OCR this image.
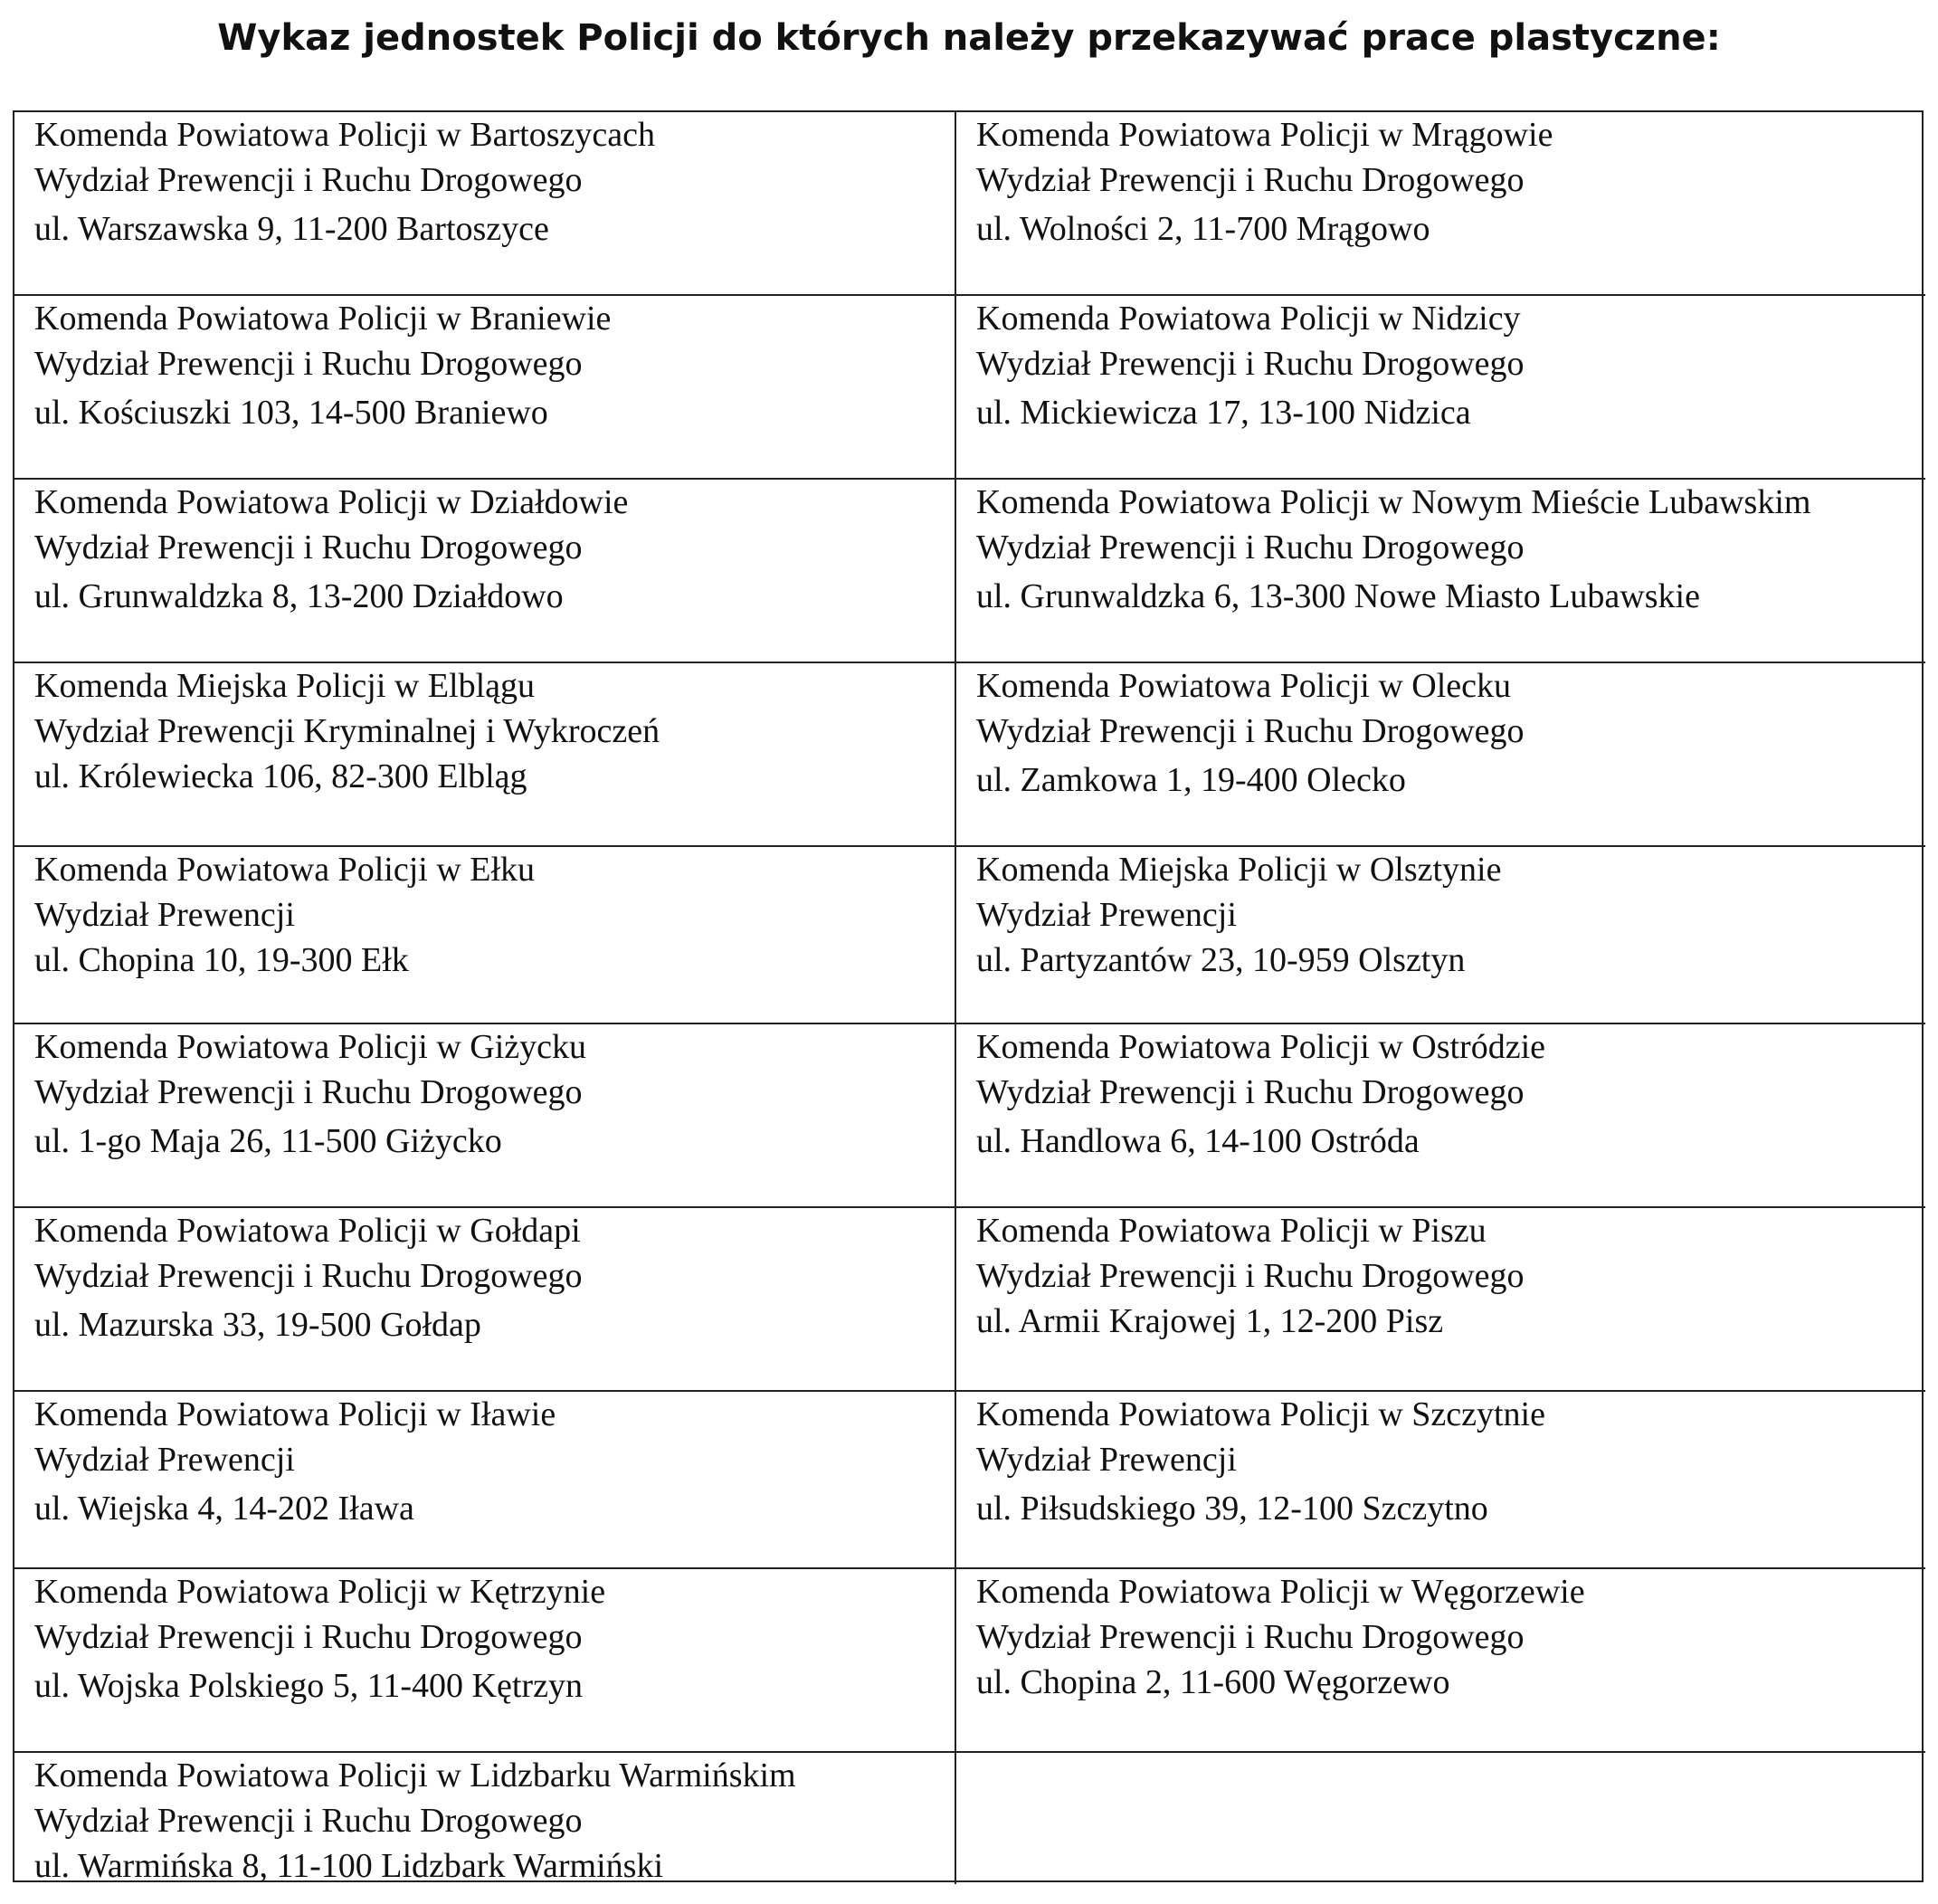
Wykaz jednostek Policji do których należy przekazywać prace plastyczne:
Komenda Powiatowa Policji w Bartoszycach
Wydział Prewencji i Ruchu Drogowego
ul. Warszawska 9, 11-200 Bartoszyce
Komenda Powiatowa Policji w Mrągowie
Wydział Prewencji i Ruchu Drogowego
ul. Wolności 2, 11-700 Mrągowo
Komenda Powiatowa Policji w Braniewie
Wydział Prewencji i Ruchu Drogowego
ul. Kościuszki 103, 14-500 Braniewo
Komenda Powiatowa Policji w Nidzicy
Wydział Prewencji i Ruchu Drogowego
ul. Mickiewicza 17, 13-100 Nidzica
Komenda Powiatowa Policji w Działdowie
Wydział Prewencji i Ruchu Drogowego
ul. Grunwaldzka 8, 13-200 Działdowo
Komenda Powiatowa Policji w Nowym Mieście Lubawskim
Wydział Prewencji i Ruchu Drogowego
ul. Grunwaldzka 6, 13-300 Nowe Miasto Lubawskie
Komenda Miejska Policji w Elblągu
Wydział Prewencji Kryminalnej i Wykroczeń
ul. Królewiecka 106, 82-300 Elbląg
Komenda Powiatowa Policji w Olecku
Wydział Prewencji i Ruchu Drogowego
ul. Zamkowa 1, 19-400 Olecko
Komenda Powiatowa Policji w Ełku
Wydział Prewencji
ul. Chopina 10, 19-300 Ełk
Komenda Miejska Policji w Olsztynie
Wydział Prewencji
ul. Partyzantów 23, 10-959 Olsztyn
Komenda Powiatowa Policji w Giżycku
Wydział Prewencji i Ruchu Drogowego
ul. 1-go Maja 26, 11-500 Giżycko
Komenda Powiatowa Policji w Ostródzie
Wydział Prewencji i Ruchu Drogowego
ul. Handlowa 6, 14-100 Ostróda
Komenda Powiatowa Policji w Gołdapi
Wydział Prewencji i Ruchu Drogowego
ul. Mazurska 33, 19-500 Gołdap
Komenda Powiatowa Policji w Piszu
Wydział Prewencji i Ruchu Drogowego
ul. Armii Krajowej 1, 12-200 Pisz
Komenda Powiatowa Policji w Iławie
Wydział Prewencji
ul. Wiejska 4, 14-202 Iława
Komenda Powiatowa Policji w Szczytnie
Wydział Prewencji
ul. Piłsudskiego 39, 12-100 Szczytno
Komenda Powiatowa Policji w Kętrzynie
Wydział Prewencji i Ruchu Drogowego
ul. Wojska Polskiego 5, 11-400 Kętrzyn
Komenda Powiatowa Policji w Węgorzewie
Wydział Prewencji i Ruchu Drogowego
ul. Chopina 2, 11-600 Węgorzewo
Komenda Powiatowa Policji w Lidzbarku Warmińskim
Wydział Prewencji i Ruchu Drogowego
ul. Warmińska 8, 11-100 Lidzbark Warmiński
